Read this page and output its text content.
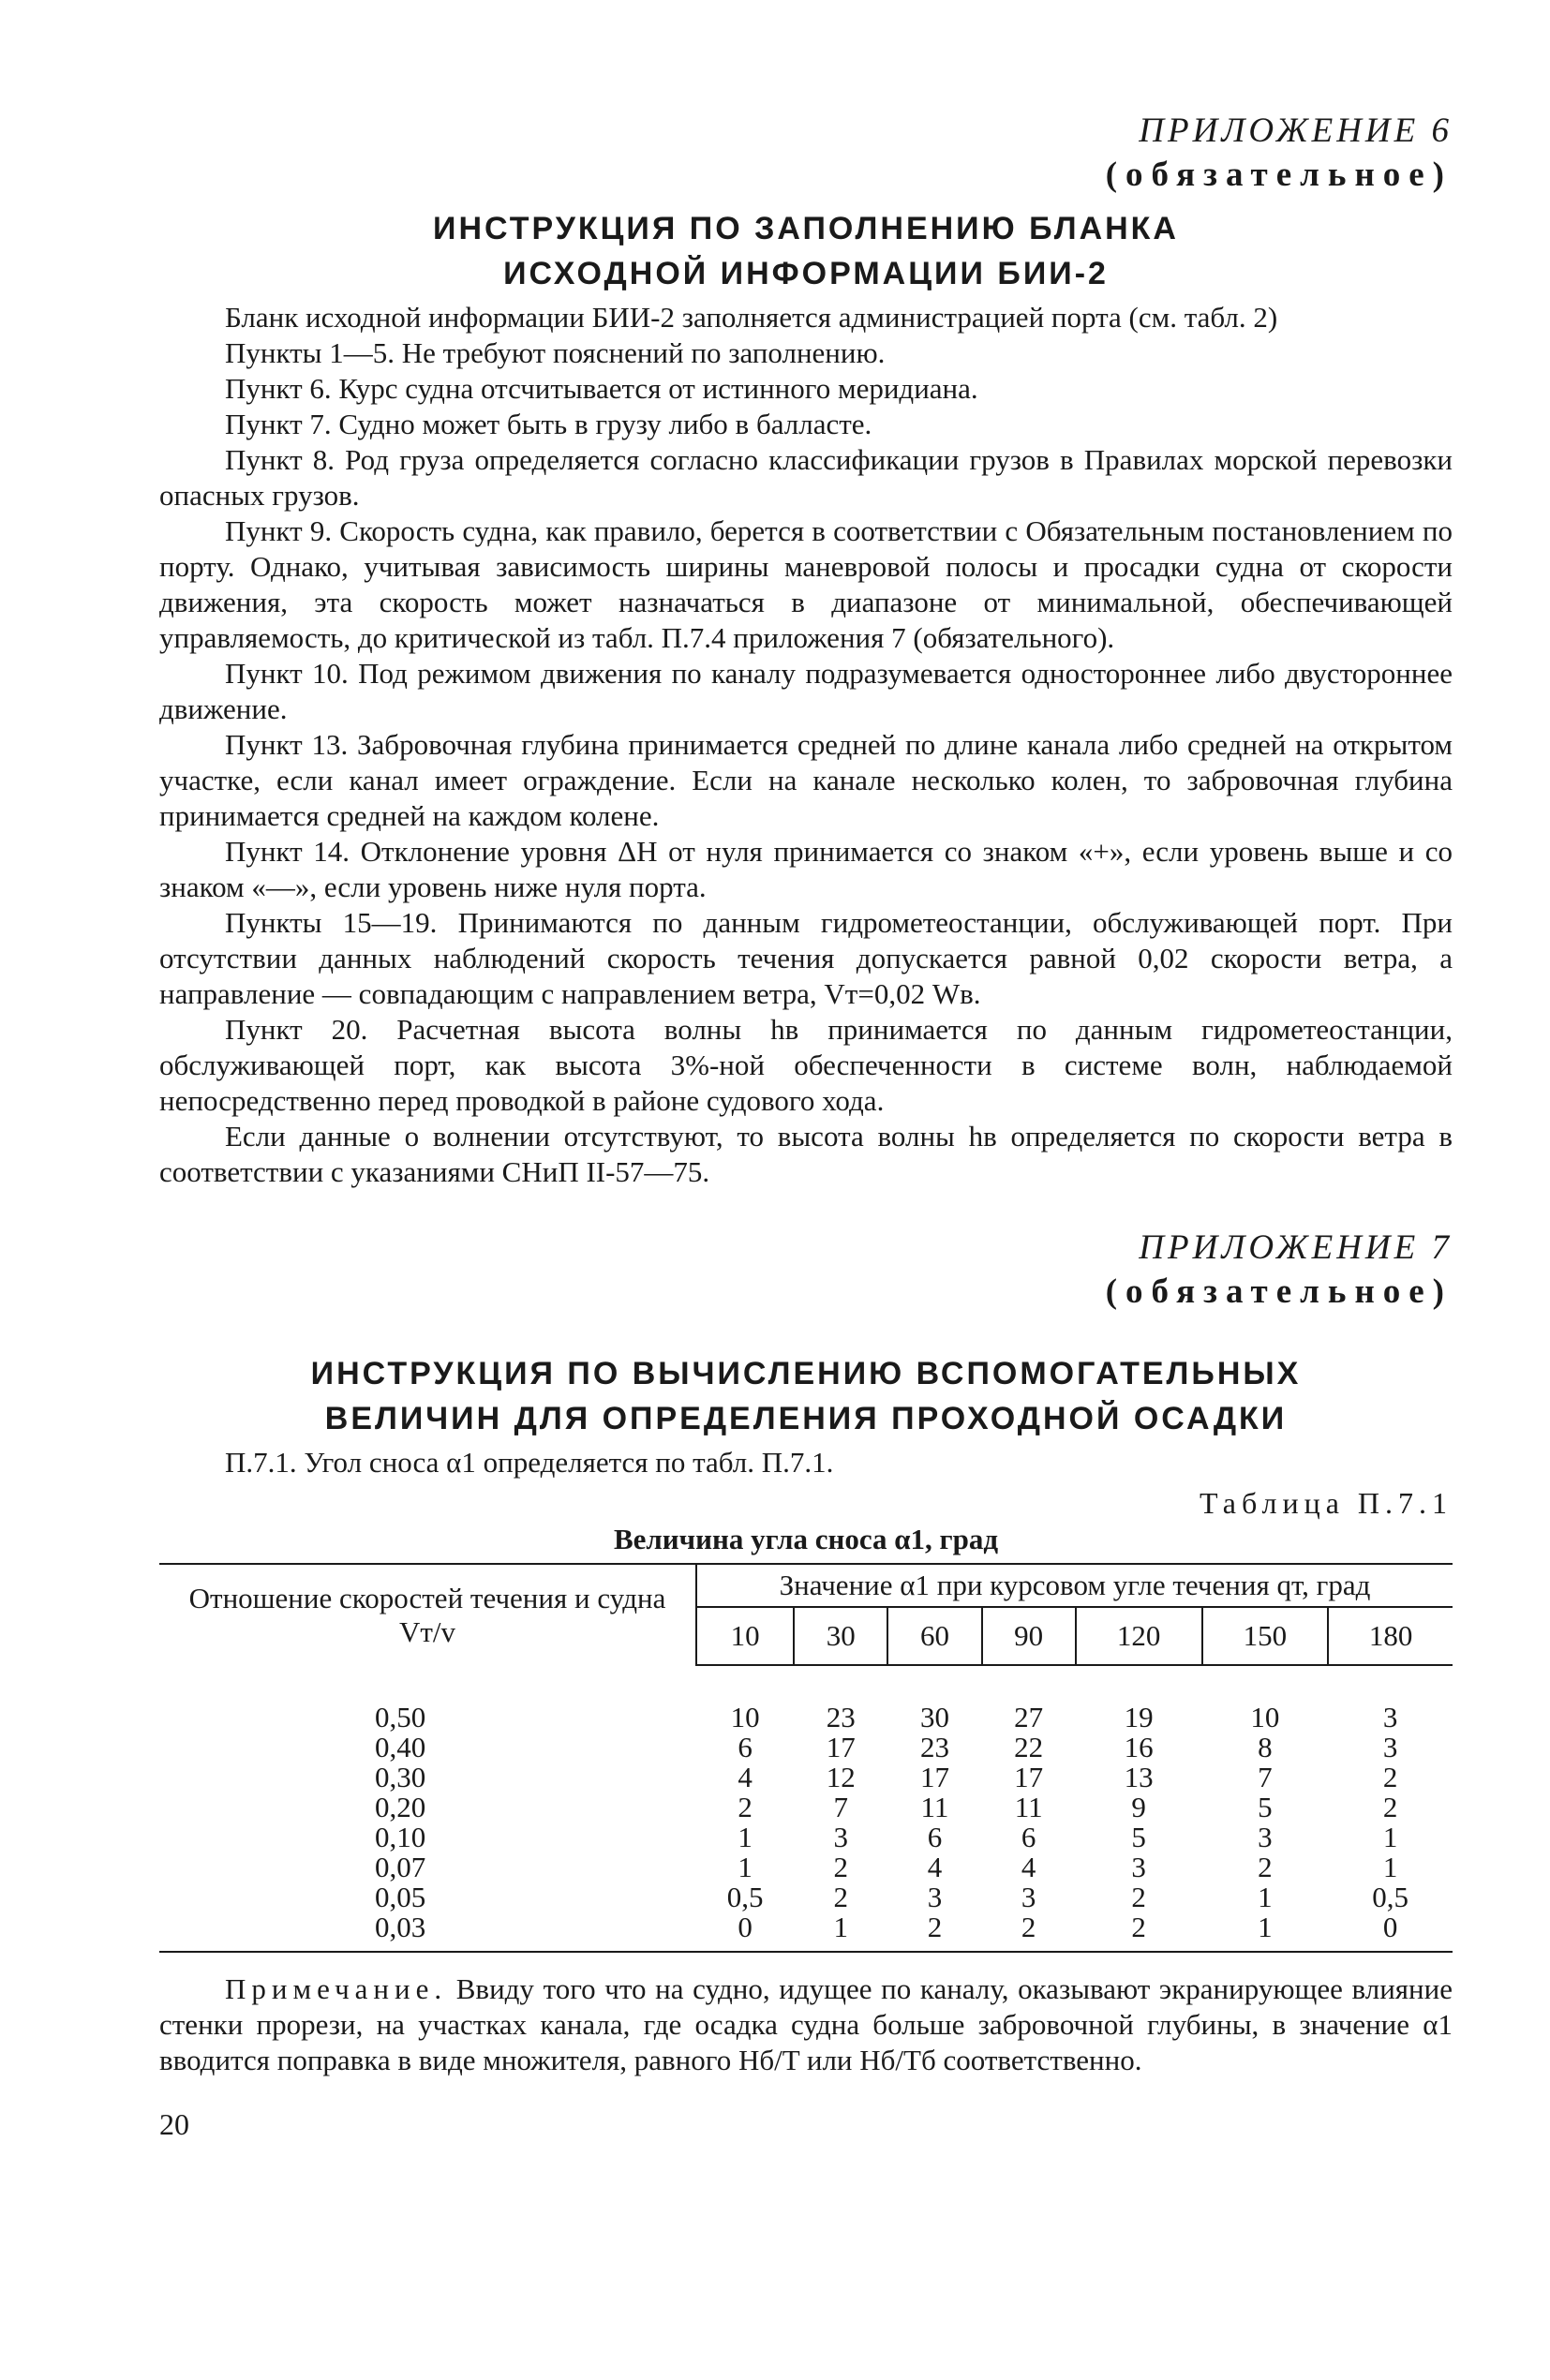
ПРИЛОЖЕНИЕ 6
(обязательное)
ИНСТРУКЦИЯ ПО ЗАПОЛНЕНИЮ БЛАНКА
ИСХОДНОЙ ИНФОРМАЦИИ БИИ-2

Бланк исходной информации БИИ-2 заполняется администрацией порта (см. табл. 2)

Пункты 1—5. Не требуют пояснений по заполнению.

Пункт 6. Курс судна отсчитывается от истинного меридиана.

Пункт 7. Судно может быть в грузу либо в балласте.

Пункт 8. Род груза определяется согласно классификации грузов в Правилах морской перевозки опасных грузов.

Пункт 9. Скорость судна, как правило, берется в соответствии с Обязательным постановлением по порту. Однако, учитывая зависимость ширины маневровой полосы и просадки судна от скорости движения, эта скорость может назначаться в диапазоне от минимальной, обеспечивающей управляемость, до критической из табл. П.7.4 приложения 7 (обязательного).

Пункт 10. Под режимом движения по каналу подразумевается одностороннее либо двустороннее движение.

Пункт 13. Забровочная глубина принимается средней по длине канала либо средней на открытом участке, если канал имеет ограждение. Если на канале несколько колен, то забровочная глубина принимается средней на каждом колене.

Пункт 14. Отклонение уровня ΔH от нуля принимается со знаком «+», если уровень выше и со знаком «—», если уровень ниже нуля порта.

Пункты 15—19. Принимаются по данным гидрометеостанции, обслуживающей порт. При отсутствии данных наблюдений скорость течения допускается равной 0,02 скорости ветра, а направление — совпадающим с направлением ветра, Vт=0,02 Wв.

Пункт 20. Расчетная высота волны hв принимается по данным гидрометеостанции, обслуживающей порт, как высота 3%-ной обеспеченности в системе волн, наблюдаемой непосредственно перед проводкой в районе судового хода.

Если данные о волнении отсутствуют, то высота волны hв определяется по скорости ветра в соответствии с указаниями СНиП II-57—75.

ПРИЛОЖЕНИЕ 7
(обязательное)
ИНСТРУКЦИЯ ПО ВЫЧИСЛЕНИЮ ВСПОМОГАТЕЛЬНЫХ
ВЕЛИЧИН ДЛЯ ОПРЕДЕЛЕНИЯ ПРОХОДНОЙ ОСАДКИ

П.7.1. Угол сноса α1 определяется по табл. П.7.1.

Таблица П.7.1
Величина угла сноса α1, град
Отношение скоростей течения и судна Vт/v	Значение α1 при курсовом угле течения qт, град						
	10	30	60	90	120	150	180
0,50	10	23	30	27	19	10	3
0,40	6	17	23	22	16	8	3
0,30	4	12	17	17	13	7	2
0,20	2	7	11	11	9	5	2
0,10	1	3	6	6	5	3	1
0,07	1	2	4	4	3	2	1
0,05	0,5	2	3	3	2	1	0,5
0,03	0	1	2	2	2	1	0

Примечание. Ввиду того что на судно, идущее по каналу, оказывают экранирующее влияние стенки прорези, на участках канала, где осадка судна больше забровочной глубины, в значение α1 вводится поправка в виде множителя, равного Hб/T или Hб/Tб соответственно.

20
